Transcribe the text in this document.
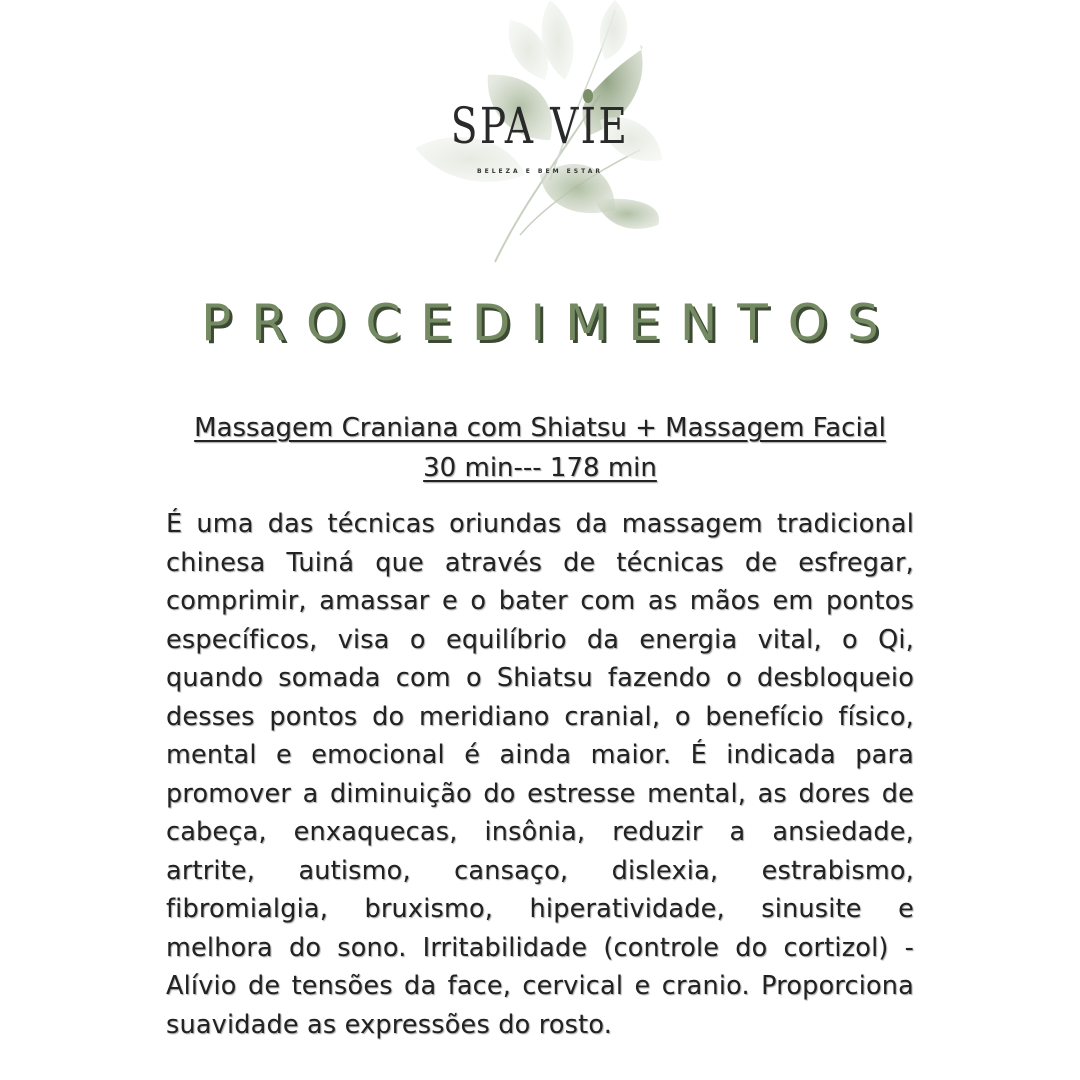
SPA VIE
BELEZA E BEM ESTAR
PROCEDIMENTOS
Massagem Craniana com Shiatsu + Massagem Facial
30 min--- 178 min
É uma das técnicas oriundas da massagem tradicional chinesa Tuiná que através de técnicas de esfregar, comprimir, amassar e o bater com as mãos em pontos específicos, visa o equilíbrio da energia vital, o Qi, quando somada com o Shiatsu fazendo o desbloqueio desses pontos do meridiano cranial, o benefício físico, mental e emocional é ainda maior. É indicada para promover a diminuição do estresse mental, as dores de cabeça, enxaquecas, insônia, reduzir a ansiedade, artrite, autismo, cansaço, dislexia, estrabismo, fibromialgia, bruxismo, hiperatividade, sinusite e melhora do sono. Irritabilidade (controle do cortizol) - Alívio de tensões da face, cervical e cranio. Proporciona suavidade as expressões do rosto.
